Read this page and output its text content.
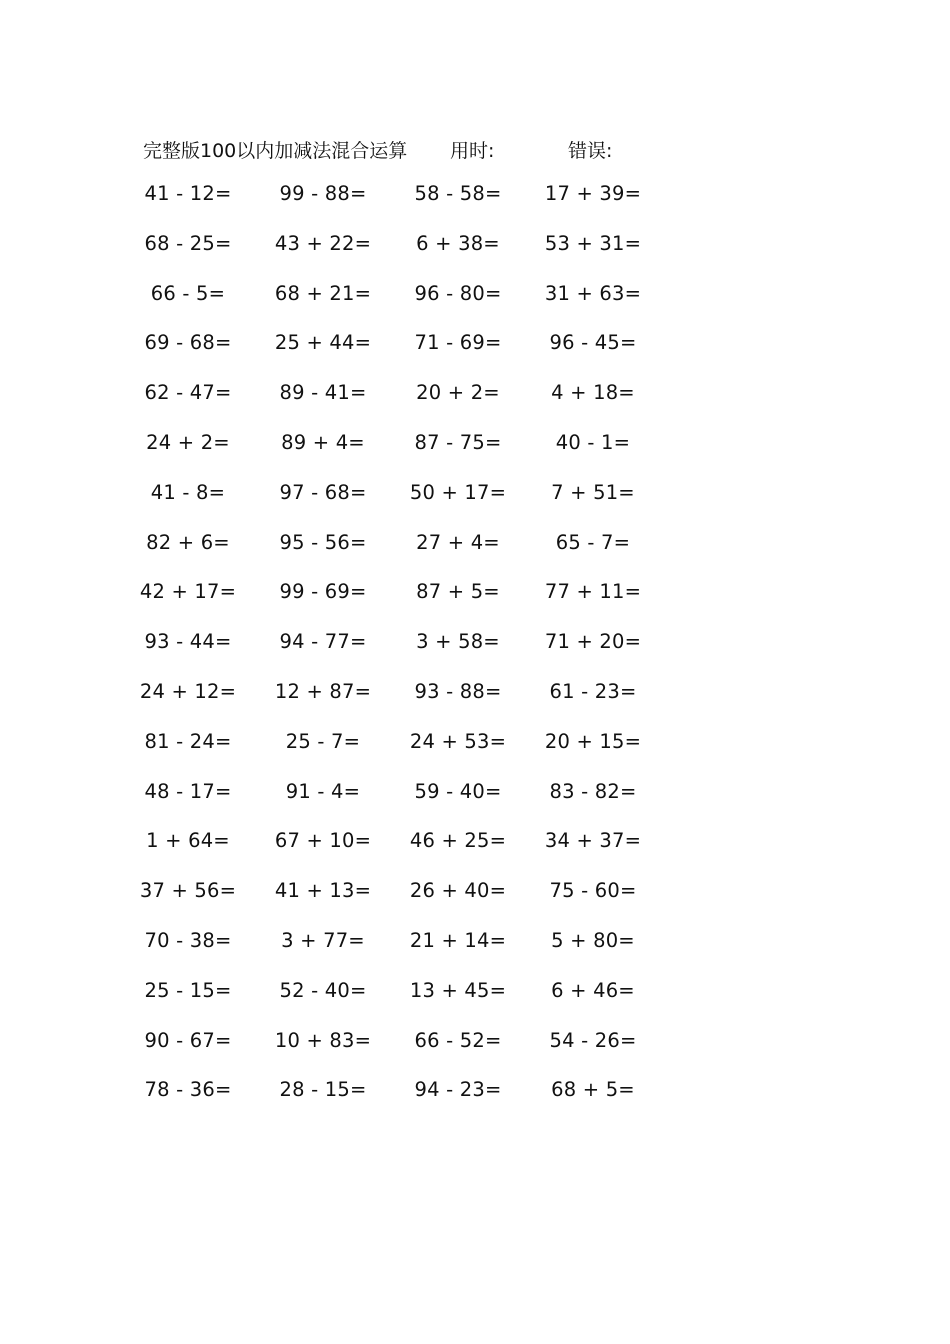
完整版100以内加减法混合运算 用时:	错误:
41 - 12=	99 - 88=	58 - 58=	17 + 39=
68 - 25=	43 + 22=	6 + 38=	53 + 31=
66 - 5=	68 + 21=	96 - 80=	31 + 63=
69 - 68=	25 + 44=	71 - 69=	96 - 45=
62 - 47=	89 - 41=	20 + 2=	4 + 18=
24 + 2=	89 + 4=	87 - 75=	40 - 1=
41 - 8=	97 - 68=	50 + 17=	7 + 51=
82 + 6=	95 - 56=	27 + 4=	65 - 7=
42 + 17=	99 - 69=	87 + 5=	77 + 11=
93 - 44=	94 - 77=	3 + 58=	71 + 20=
24 + 12=	12 + 87=	93 - 88=	61 - 23=
81 - 24=	25 - 7=	24 + 53=	20 + 15=
48 - 17=	91 - 4=	59 - 40=	83 - 82=
1 + 64=	67 + 10=	46 + 25=	34 + 37=
37 + 56=	41 + 13=	26 + 40=	75 - 60=
70 - 38=	3 + 77=	21 + 14=	5 + 80=
25 - 15=	52 - 40=	13 + 45=	6 + 46=
90 - 67=	10 + 83=	66 - 52=	54 - 26=
78 - 36=	28 - 15=	94 - 23=	68 + 5=
